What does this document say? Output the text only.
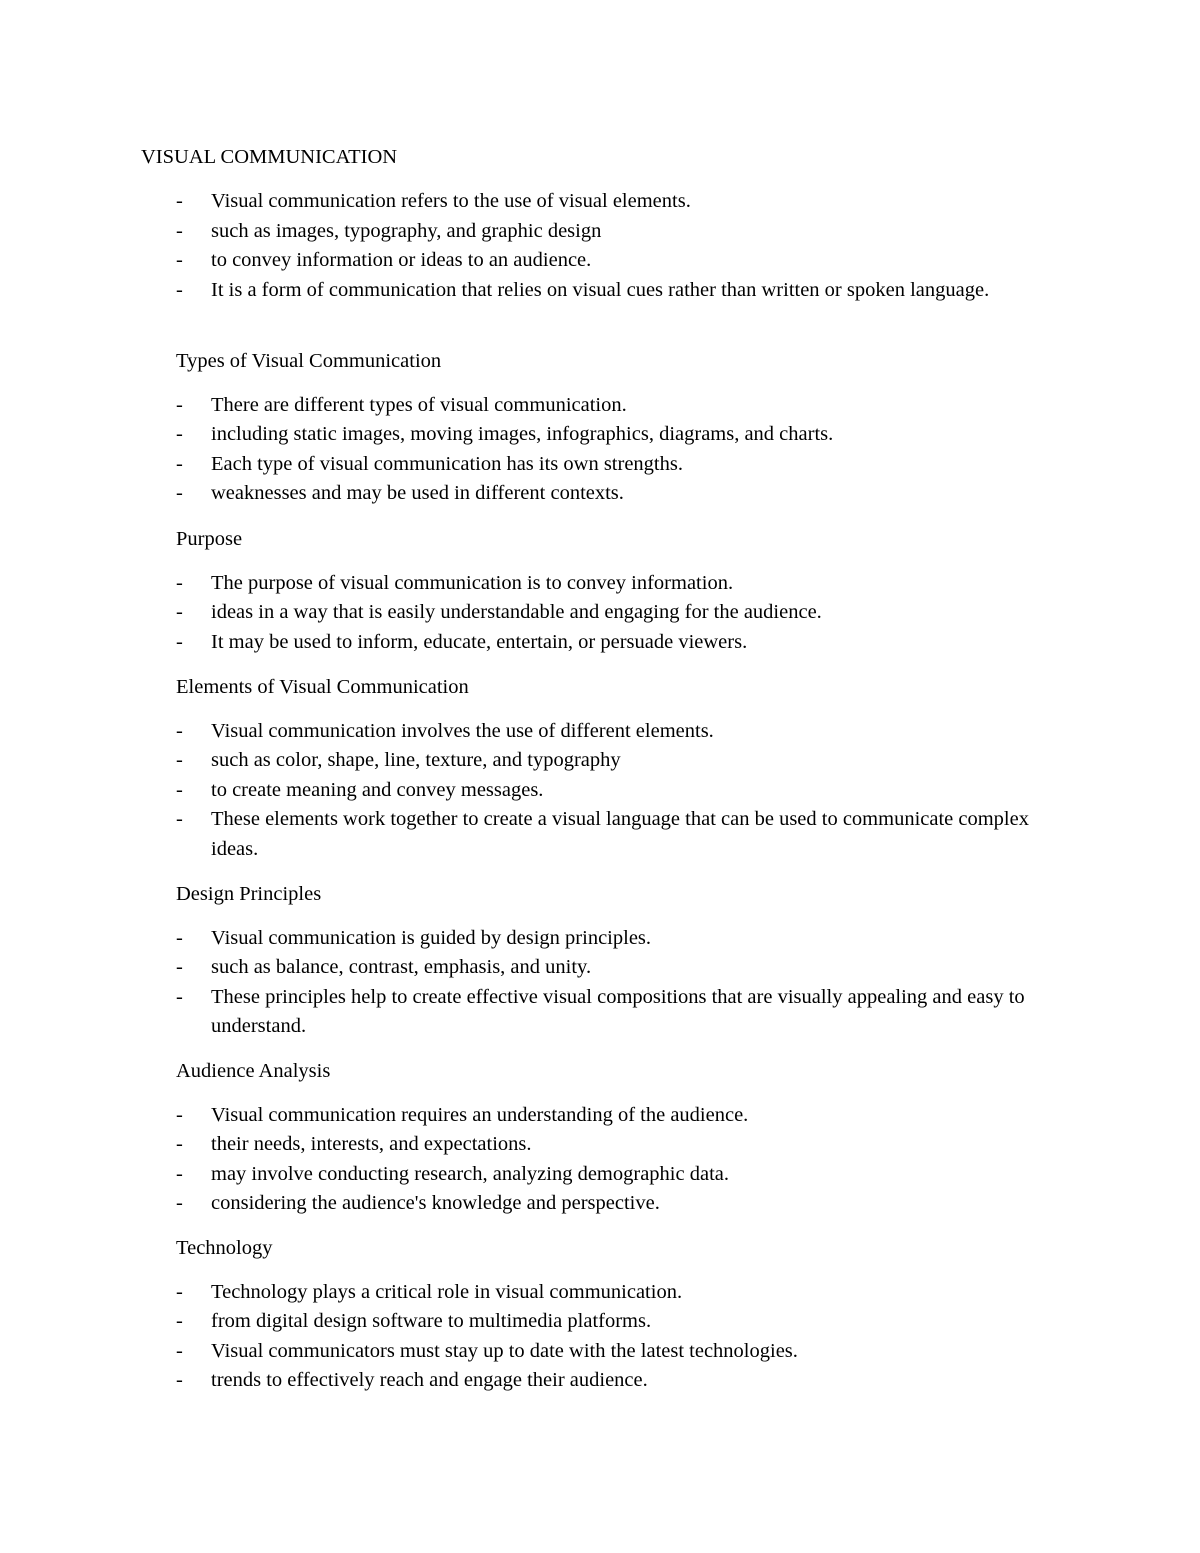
VISUAL COMMUNICATION
- Visual communication refers to the use of visual elements.
- such as images, typography, and graphic design
- to convey information or ideas to an audience.
- It is a form of communication that relies on visual cues rather than written or spoken language.
Types of Visual Communication
- There are different types of visual communication.
- including static images, moving images, infographics, diagrams, and charts.
- Each type of visual communication has its own strengths.
- weaknesses and may be used in different contexts.
Purpose
- The purpose of visual communication is to convey information.
- ideas in a way that is easily understandable and engaging for the audience.
- It may be used to inform, educate, entertain, or persuade viewers.
Elements of Visual Communication
- Visual communication involves the use of different elements.
- such as color, shape, line, texture, and typography
- to create meaning and convey messages.
- These elements work together to create a visual language that can be used to communicate complex ideas.
Design Principles
- Visual communication is guided by design principles.
- such as balance, contrast, emphasis, and unity.
- These principles help to create effective visual compositions that are visually appealing and easy to understand.
Audience Analysis
- Visual communication requires an understanding of the audience.
- their needs, interests, and expectations.
- may involve conducting research, analyzing demographic data.
- considering the audience's knowledge and perspective.
Technology
- Technology plays a critical role in visual communication.
- from digital design software to multimedia platforms.
- Visual communicators must stay up to date with the latest technologies.
- trends to effectively reach and engage their audience.
